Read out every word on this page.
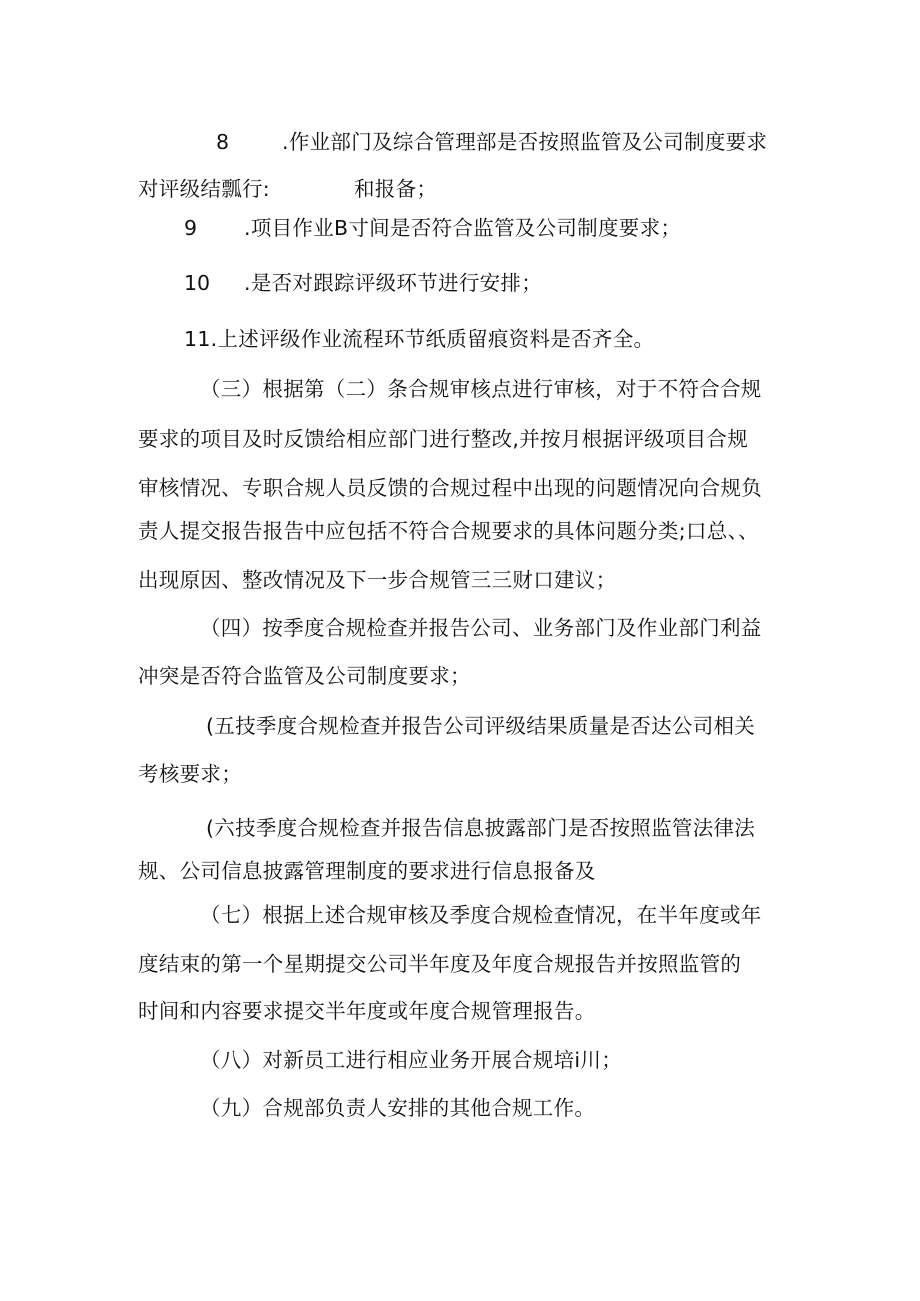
8	.作业部门及综合管理部是否按照监管及公司制度要求
对评级结瓢行:	和报备；
9 .项目作业B寸间是否符合监管及公司制度要求；
10 .是否对跟踪评级环节进行安排；
11.上述评级作业流程环节纸质留痕资料是否齐全。
（三）根据第（二）条合规审核点进行审核，对于不符合合规
要求的项目及时反馈给相应部门进行整改,并按月根据评级项目合规
审核情况、专职合规人员反馈的合规过程中出现的问题情况向合规负
责人提交报告报告中应包括不符合合规要求的具体问题分类;口总、、
出现原因、整改情况及下一步合规管三三财口建议；
（四）按季度合规检查并报告公司、业务部门及作业部门利益
冲突是否符合监管及公司制度要求；
(五技季度合规检查并报告公司评级结果质量是否达公司相关
考核要求；
(六技季度合规检查并报告信息披露部门是否按照监管法律法
规、公司信息披露管理制度的要求进行信息报备及
（七）根据上述合规审核及季度合规检查情况，在半年度或年
度结束的第一个星期提交公司半年度及年度合规报告并按照监管的
时间和内容要求提交半年度或年度合规管理报告。
（八）对新员工进行相应业务开展合规培i川；
（九）合规部负责人安排的其他合规工作。
